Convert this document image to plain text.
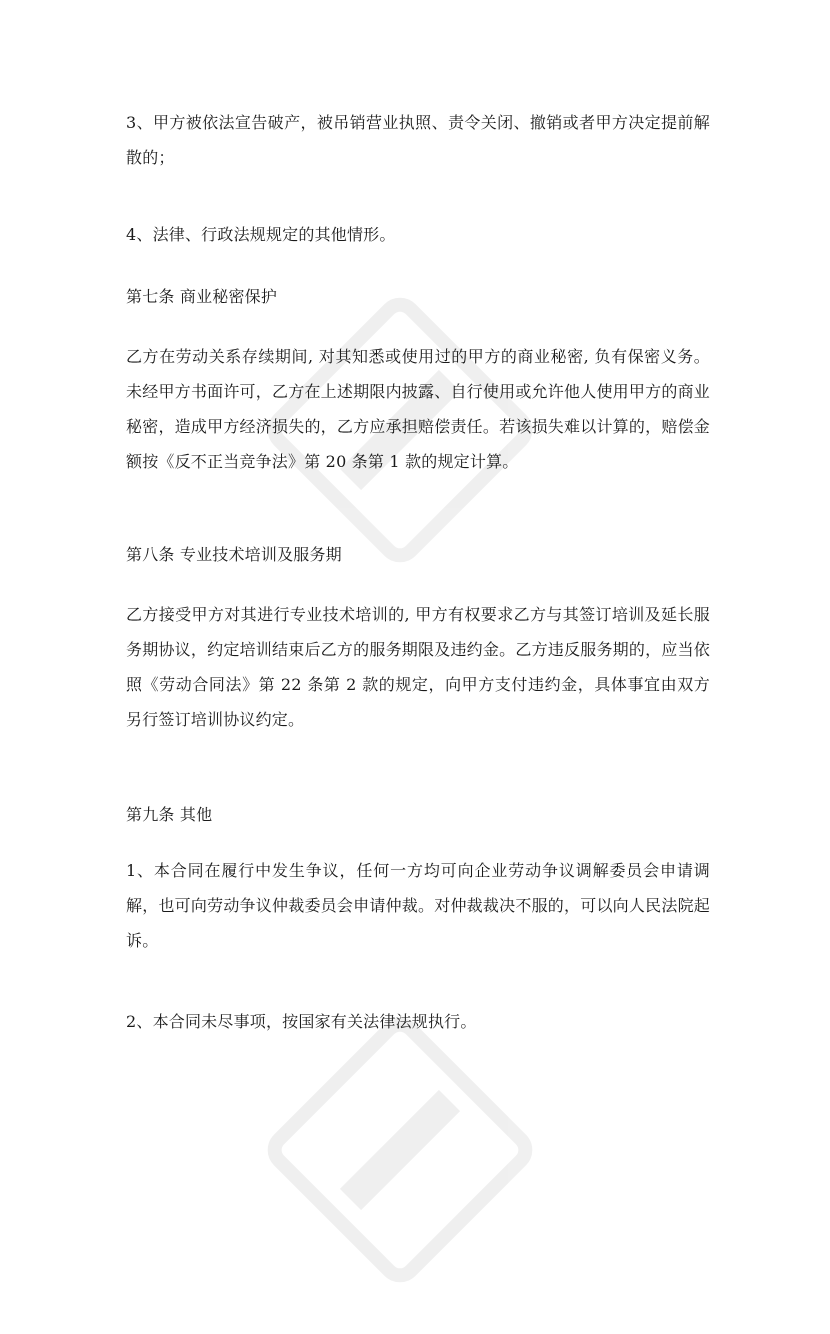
3、甲方被依法宣告破产，被吊销营业执照、责令关闭、撤销或者甲方决定提前解散的；

4、法律、行政法规规定的其他情形。

第七条 商业秘密保护

乙方在劳动关系存续期间, 对其知悉或使用过的甲方的商业秘密, 负有保密义务。未经甲方书面许可，乙方在上述期限内披露、自行使用或允许他人使用甲方的商业秘密，造成甲方经济损失的，乙方应承担赔偿责任。若该损失难以计算的，赔偿金额按《反不正当竞争法》第 20 条第 1 款的规定计算。

第八条 专业技术培训及服务期

乙方接受甲方对其进行专业技术培训的, 甲方有权要求乙方与其签订培训及延长服务期协议，约定培训结束后乙方的服务期限及违约金。乙方违反服务期的，应当依照《劳动合同法》第 22 条第 2 款的规定，向甲方支付违约金，具体事宜由双方另行签订培训协议约定。

第九条 其他

1、本合同在履行中发生争议，任何一方均可向企业劳动争议调解委员会申请调解，也可向劳动争议仲裁委员会申请仲裁。对仲裁裁决不服的，可以向人民法院起诉。

2、本合同未尽事项，按国家有关法律法规执行。
